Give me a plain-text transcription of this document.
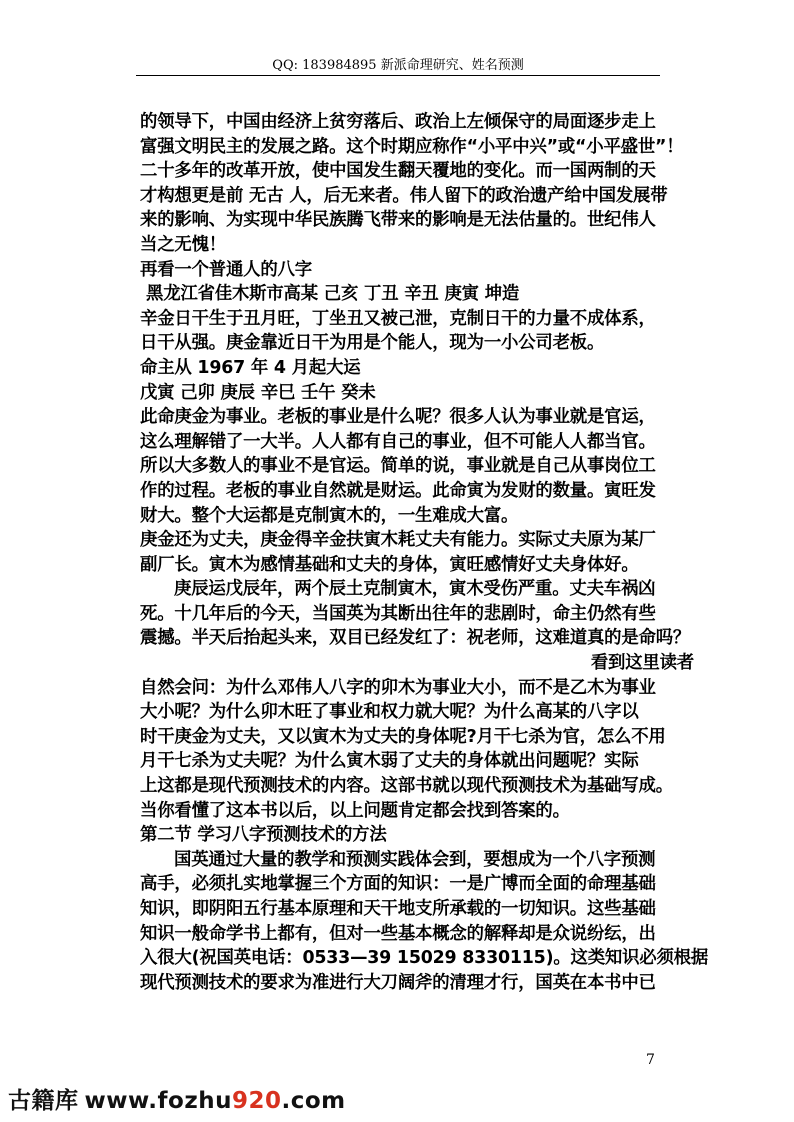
QQ: 183984895 新派命理研究、姓名预测
的领导下，中国由经济上贫穷落后、政治上左倾保守的局面逐步走上
富强文明民主的发展之路。这个时期应称作“小平中兴”或“小平盛世”！
二十多年的改革开放，使中国发生翻天覆地的变化。而一国两制的天
才构想更是前 无古 人，后无来者。伟人留下的政治遗产给中国发展带
来的影响、为实现中华民族腾飞带来的影响是无法估量的。世纪伟人
当之无愧！
再看一个普通人的八字
黑龙江省佳木斯市高某 己亥 丁丑 辛丑 庚寅 坤造
辛金日干生于丑月旺，丁坐丑又被己泄，克制日干的力量不成体系，
日干从强。庚金靠近日干为用是个能人，现为一小公司老板。
命主从 1967 年 4 月起大运
戊寅 己卯 庚辰 辛巳 壬午 癸未
此命庚金为事业。老板的事业是什么呢？很多人认为事业就是官运，
这么理解错了一大半。人人都有自己的事业，但不可能人人都当官。
所以大多数人的事业不是官运。简单的说，事业就是自己从事岗位工
作的过程。老板的事业自然就是财运。此命寅为发财的数量。寅旺发
财大。整个大运都是克制寅木的，一生难成大富。
庚金还为丈夫，庚金得辛金扶寅木耗丈夫有能力。实际丈夫原为某厂
副厂长。寅木为感情基础和丈夫的身体，寅旺感情好丈夫身体好。
庚辰运戊辰年，两个辰土克制寅木，寅木受伤严重。丈夫车祸凶
死。十几年后的今天，当国英为其断出往年的悲剧时，命主仍然有些
震撼。半天后抬起头来，双目已经发红了：祝老师，这难道真的是命吗？
看到这里读者
自然会问：为什么邓伟人八字的卯木为事业大小，而不是乙木为事业
大小呢？为什么卯木旺了事业和权力就大呢？为什么高某的八字以
时干庚金为丈夫，又以寅木为丈夫的身体呢?月干七杀为官，怎么不用
月干七杀为丈夫呢？为什么寅木弱了丈夫的身体就出问题呢？实际
上这都是现代预测技术的内容。这部书就以现代预测技术为基础写成。
当你看懂了这本书以后，以上问题肯定都会找到答案的。
第二节 学习八字预测技术的方法
国英通过大量的教学和预测实践体会到，要想成为一个八字预测
高手，必须扎实地掌握三个方面的知识：一是广博而全面的命理基础
知识，即阴阳五行基本原理和天干地支所承载的一切知识。这些基础
知识一般命学书上都有，但对一些基本概念的解释却是众说纷纭，出
入很大(祝国英电话：0533—39 15029 8330115)。这类知识必须根据
现代预测技术的要求为准进行大刀阔斧的清理才行，国英在本书中已
7
古籍库 www.fozhu920.com
